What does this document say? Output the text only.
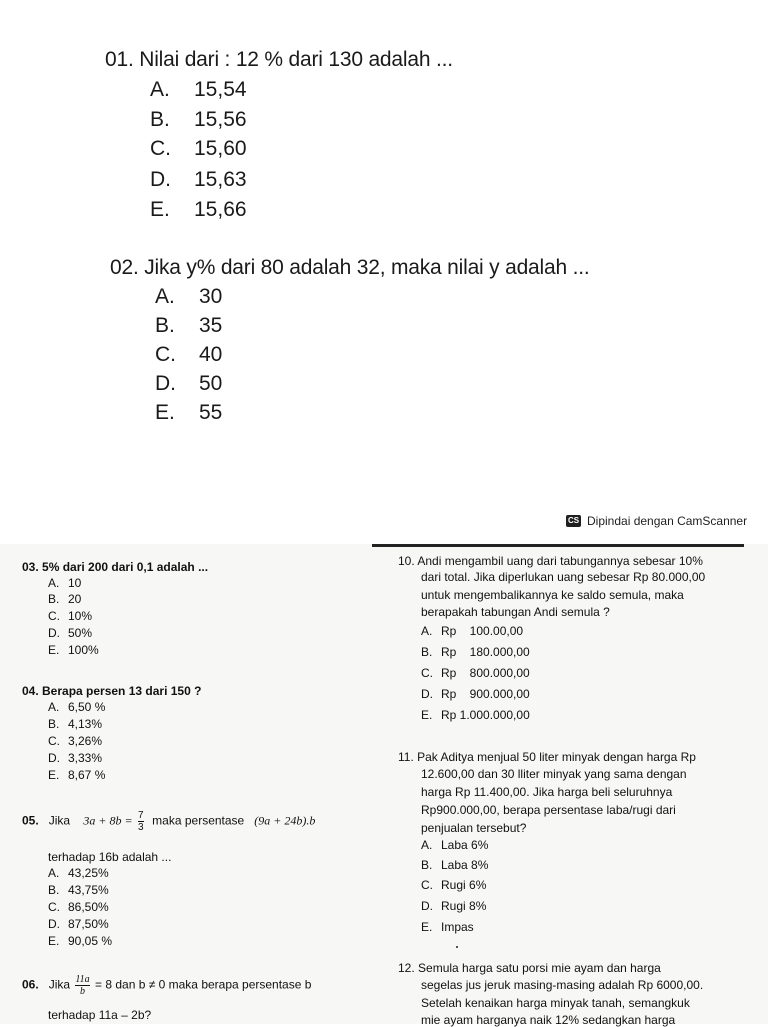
01. Nilai dari : 12 % dari 130 adalah ...
A. 15,54
B. 15,56
C. 15,60
D. 15,63
E. 15,66
02. Jika y% dari 80 adalah 32, maka nilai y adalah ...
A. 30
B. 35
C. 40
D. 50
E. 55
CS Dipindai dengan CamScanner
03. 5% dari 200 dari 0,1 adalah ...
A. 10
B. 20
C. 10%
D. 50%
E. 100%
04. Berapa persen 13 dari 150 ?
A. 6,50 %
B. 4,13%
C. 3,26%
D. 3,33%
E. 8,67 %
05. Jika $3a + 8b = \frac{7}{3}$ maka persentase (9a + 24b).b
terhadap 16b adalah ...
A. 43,25%
B. 43,75%
C. 86,50%
D. 87,50%
E. 90,05 %
06. Jika $\frac{11a}{b} = 8$ dan b ≠ 0 maka berapa persentase b
terhadap 11a – 2b?
10. Andi mengambil uang dari tabungannya sebesar 10%
dari total. Jika diperlukan uang sebesar Rp 80.000,00
untuk mengembalikannya ke saldo semula, maka
berapakah tabungan Andi semula ?
A. Rp    100.00,00
B. Rp    180.000,00
C. Rp    800.000,00
D. Rp    900.000,00
E. Rp 1.000.000,00
11. Pak Aditya menjual 50 liter minyak dengan harga Rp
12.600,00 dan 30 lliter minyak yang sama dengan
harga Rp 11.400,00. Jika harga beli seluruhnya
Rp900.000,00, berapa persentase laba/rugi dari
penjualan tersebut?
A. Laba 6%
B. Laba 8%
C. Rugi 6%
D. Rugi 8%
E. Impas
12. Semula harga satu porsi mie ayam dan harga
segelas jus jeruk masing-masing adalah Rp 6000,00.
Setelah kenaikan harga minyak tanah, semangkuk
mie ayam harganya naik 12% sedangkan harga
